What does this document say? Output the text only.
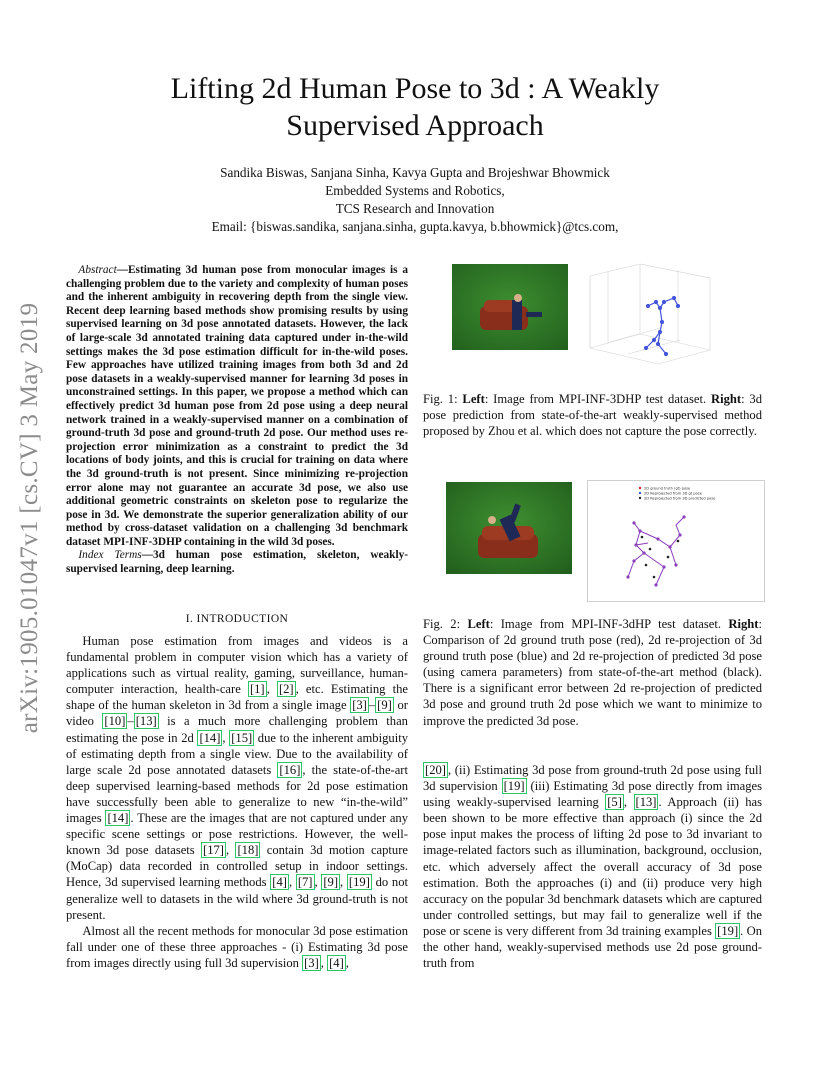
arXiv:1905.01047v1 [cs.CV] 3 May 2019
Lifting 2d Human Pose to 3d : A Weakly
Supervised Approach
Sandika Biswas, Sanjana Sinha, Kavya Gupta and Brojeshwar Bhowmick
Embedded Systems and Robotics,
TCS Research and Innovation
Email: {biswas.sandika, sanjana.sinha, gupta.kavya, b.bhowmick}@tcs.com,

Abstract—Estimating 3d human pose from monocular images is a challenging problem due to the variety and complexity of human poses and the inherent ambiguity in recovering depth from the single view. Recent deep learning based methods show promising results by using supervised learning on 3d pose annotated datasets. However, the lack of large-scale 3d annotated training data captured under in-the-wild settings makes the 3d pose estimation difficult for in-the-wild poses. Few approaches have utilized training images from both 3d and 2d pose datasets in a weakly-supervised manner for learning 3d poses in unconstrained settings. In this paper, we propose a method which can effectively predict 3d human pose from 2d pose using a deep neural network trained in a weakly-supervised manner on a combination of ground-truth 3d pose and ground-truth 2d pose. Our method uses re-projection error minimization as a constraint to predict the 3d locations of body joints, and this is crucial for training on data where the 3d ground-truth is not present. Since minimizing re-projection error alone may not guarantee an accurate 3d pose, we also use additional geometric constraints on skeleton pose to regularize the pose in 3d. We demonstrate the superior generalization ability of our method by cross-dataset validation on a challenging 3d benchmark dataset MPI-INF-3DHP containing in the wild 3d poses.

Index Terms—3d human pose estimation, skeleton, weakly-supervised learning, deep learning.

I. INTRODUCTION

Human pose estimation from images and videos is a fundamental problem in computer vision which has a variety of applications such as virtual reality, gaming, surveillance, human-computer interaction, health-care [1] , [2] , etc. Estimating the shape of the human skeleton in 3d from a single image [3] – [9] or video [10] – [13] is a much more challenging problem than estimating the pose in 2d [14] , [15] due to the inherent ambiguity of estimating depth from a single view. Due to the availability of large scale 2d pose annotated datasets [16] , the state-of-the-art deep supervised learning-based methods for 2d pose estimation have successfully been able to generalize to new “in-the-wild” images [14] . These are the images that are not captured under any specific scene settings or pose restrictions. However, the well-known 3d pose datasets [17] , [18] contain 3d motion capture (MoCap) data recorded in controlled setup in indoor settings. Hence, 3d supervised learning methods [4] , [7] , [9] , [19] do not generalize well to datasets in the wild where 3d ground-truth is not present.

Almost all the recent methods for monocular 3d pose estimation fall under one of these three approaches - (i) Estimating 3d pose from images directly using full 3d supervision [3] , [4] ,

Fig. 1: Left: Image from MPI-INF-3DHP test dataset. Right: 3d pose prediction from state-of-the-art weakly-supervised method proposed by Zhou et al. which does not capture the pose correctly.
2D ground truth (gt) pose
2D Reprojected from 3D gt pose
2D Reprojected from 3D predicted pose
Fig. 2: Left: Image from MPI-INF-3dHP test dataset. Right: Comparison of 2d ground truth pose (red), 2d re-projection of 3d ground truth pose (blue) and 2d re-projection of predicted 3d pose (using camera parameters) from state-of-the-art method (black). There is a significant error between 2d re-projection of predicted 3d pose and ground truth 2d pose which we want to minimize to improve the predicted 3d pose.
[20] , (ii) Estimating 3d pose from ground-truth 2d pose using full 3d supervision [19] (iii) Estimating 3d pose directly from images using weakly-supervised learning [5] , [13] . Approach (ii) has been shown to be more effective than approach (i) since the 2d pose input makes the process of lifting 2d pose to 3d invariant to image-related factors such as illumination, background, occlusion, etc. which adversely affect the overall accuracy of 3d pose estimation. Both the approaches (i) and (ii) produce very high accuracy on the popular 3d benchmark datasets which are captured under controlled settings, but may fail to generalize well if the pose or scene is very different from 3d training examples [19] . On the other hand, weakly-supervised methods use 2d pose ground-truth from
